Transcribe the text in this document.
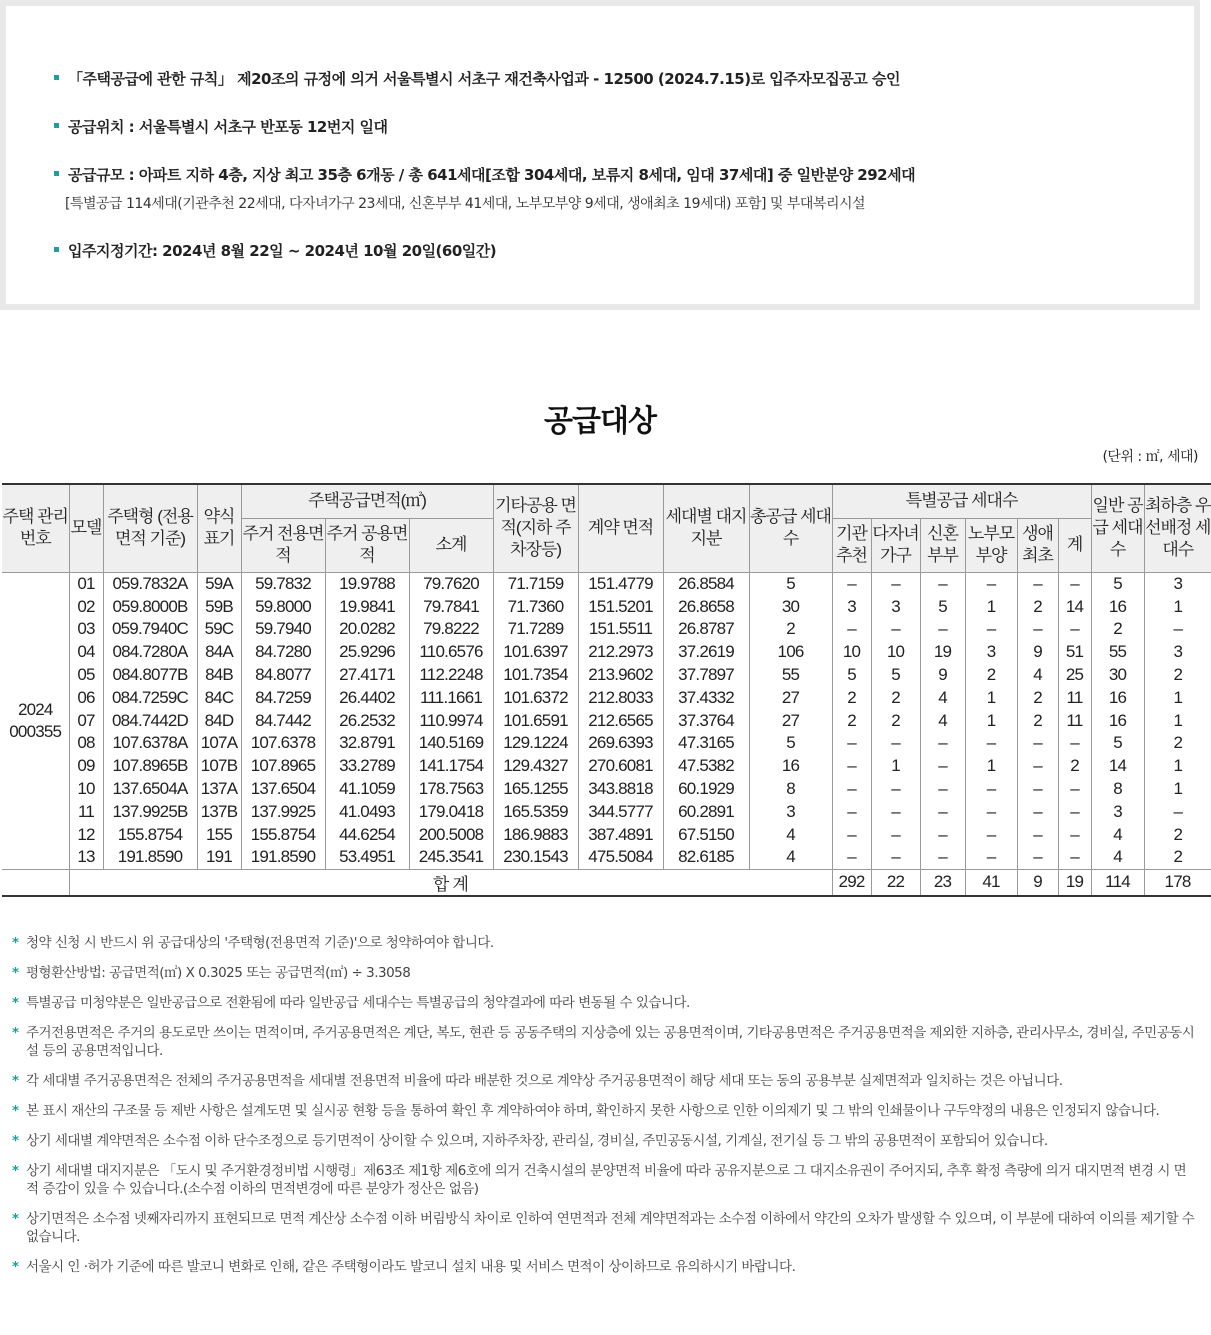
「주택공급에 관한 규칙」 제20조의 규정에 의거 서울특별시 서초구 재건축사업과 - 12500 (2024.7.15)로 입주자모집공고 승인
공급위치 : 서울특별시 서초구 반포동 12번지 일대
공급규모 : 아파트 지하 4층, 지상 최고 35층 6개동 / 총 641세대[조합 304세대, 보류지 8세대, 임대 37세대] 중 일반분양 292세대
[특별공급 114세대(기관추천 22세대, 다자녀가구 23세대, 신혼부부 41세대, 노부모부양 9세대, 생애최초 19세대) 포함] 및 부대복리시설
입주지정기간: 2024년 8월 22일 ~ 2024년 10월 20일(60일간)
공급대상
(단위 : ㎡, 세대)
주택 관리번호	모델	주택형 (전용면적 기준)	약식 표기	주택공급면적(㎡)			기타공용 면적(지하 주차장등)	계약 면적	세대별 대지지분	총공급 세대수	특별공급 세대수						일반 공급 세대수	최하층 우선배정 세대수	
				주거 전용면적	주거 공용면적	소계					기관 추천	다자녀 가구	신혼 부부	노부모 부양	생애 최초	계			

2024
000355	01	059.7832A	59A	59.7832	19.9788	79.7620	71.7159	151.4779	26.8584	5	–	–	–	–	–	–	5	3	
	02	059.8000B	59B	59.8000	19.9841	79.7841	71.7360	151.5201	26.8658	30	3	3	5	1	2	14	16	1	
	03	059.7940C	59C	59.7940	20.0282	79.8222	71.7289	151.5511	26.8787	2	–	–	–	–	–	–	2	–	
	04	084.7280A	84A	84.7280	25.9296	110.6576	101.6397	212.2973	37.2619	106	10	10	19	3	9	51	55	3	
	05	084.8077B	84B	84.8077	27.4171	112.2248	101.7354	213.9602	37.7897	55	5	5	9	2	4	25	30	2	
	06	084.7259C	84C	84.7259	26.4402	111.1661	101.6372	212.8033	37.4332	27	2	2	4	1	2	11	16	1	
	07	084.7442D	84D	84.7442	26.2532	110.9974	101.6591	212.6565	37.3764	27	2	2	4	1	2	11	16	1	
	08	107.6378A	107A	107.6378	32.8791	140.5169	129.1224	269.6393	47.3165	5	–	–	–	–	–	–	5	2	
	09	107.8965B	107B	107.8965	33.2789	141.1754	129.4327	270.6081	47.5382	16	–	1	–	1	–	2	14	1	
	10	137.6504A	137A	137.6504	41.1059	178.7563	165.1255	343.8818	60.1929	8	–	–	–	–	–	–	8	1	
	11	137.9925B	137B	137.9925	41.0493	179.0418	165.5359	344.5777	60.2891	3	–	–	–	–	–	–	3	–	
	12	155.8754	155	155.8754	44.6254	200.5008	186.9883	387.4891	67.5150	4	–	–	–	–	–	–	4	2	
	13	191.8590	191	191.8590	53.4951	245.3541	230.1543	475.5084	82.6185	4	–	–	–	–	–	–	4	2	
	합 계										292	22	23	41	9	19	114	178	
* 청약 신청 시 반드시 위 공급대상의 '주택형(전용면적 기준)'으로 청약하여야 합니다.
* 평형환산방법: 공급면적(㎡) X 0.3025 또는 공급면적(㎡) ÷ 3.3058
* 특별공급 미청약분은 일반공급으로 전환됨에 따라 일반공급 세대수는 특별공급의 청약결과에 따라 변동될 수 있습니다.
* 주거전용면적은 주거의 용도로만 쓰이는 면적이며, 주거공용면적은 계단, 복도, 현관 등 공동주택의 지상층에 있는 공용면적이며, 기타공용면적은 주거공용면적을 제외한 지하층, 관리사무소, 경비실, 주민공동시설 등의 공용면적입니다.
* 각 세대별 주거공용면적은 전체의 주거공용면적을 세대별 전용면적 비율에 따라 배분한 것으로 계약상 주거공용면적이 해당 세대 또는 동의 공용부분 실제면적과 일치하는 것은 아닙니다.
* 본 표시 재산의 구조물 등 제반 사항은 설계도면 및 실시공 현황 등을 통하여 확인 후 계약하여야 하며, 확인하지 못한 사항으로 인한 이의제기 및 그 밖의 인쇄물이나 구두약정의 내용은 인정되지 않습니다.
* 상기 세대별 계약면적은 소수점 이하 단수조정으로 등기면적이 상이할 수 있으며, 지하주차장, 관리실, 경비실, 주민공동시설, 기계실, 전기실 등 그 밖의 공용면적이 포함되어 있습니다.
* 상기 세대별 대지지분은 「도시 및 주거환경정비법 시행령」제63조 제1항 제6호에 의거 건축시설의 분양면적 비율에 따라 공유지분으로 그 대지소유권이 주어지되, 추후 확정 측량에 의거 대지면적 변경 시 면적 증감이 있을 수 있습니다.(소수점 이하의 면적변경에 따른 분양가 정산은 없음)
* 상기면적은 소수점 넷째자리까지 표현되므로 면적 계산상 소수점 이하 버림방식 차이로 인하여 연면적과 전체 계약면적과는 소수점 이하에서 약간의 오차가 발생할 수 있으며, 이 부분에 대하여 이의를 제기할 수 없습니다.
* 서울시 인 ·허가 기준에 따른 발코니 변화로 인해, 같은 주택형이라도 발코니 설치 내용 및 서비스 면적이 상이하므로 유의하시기 바랍니다.
